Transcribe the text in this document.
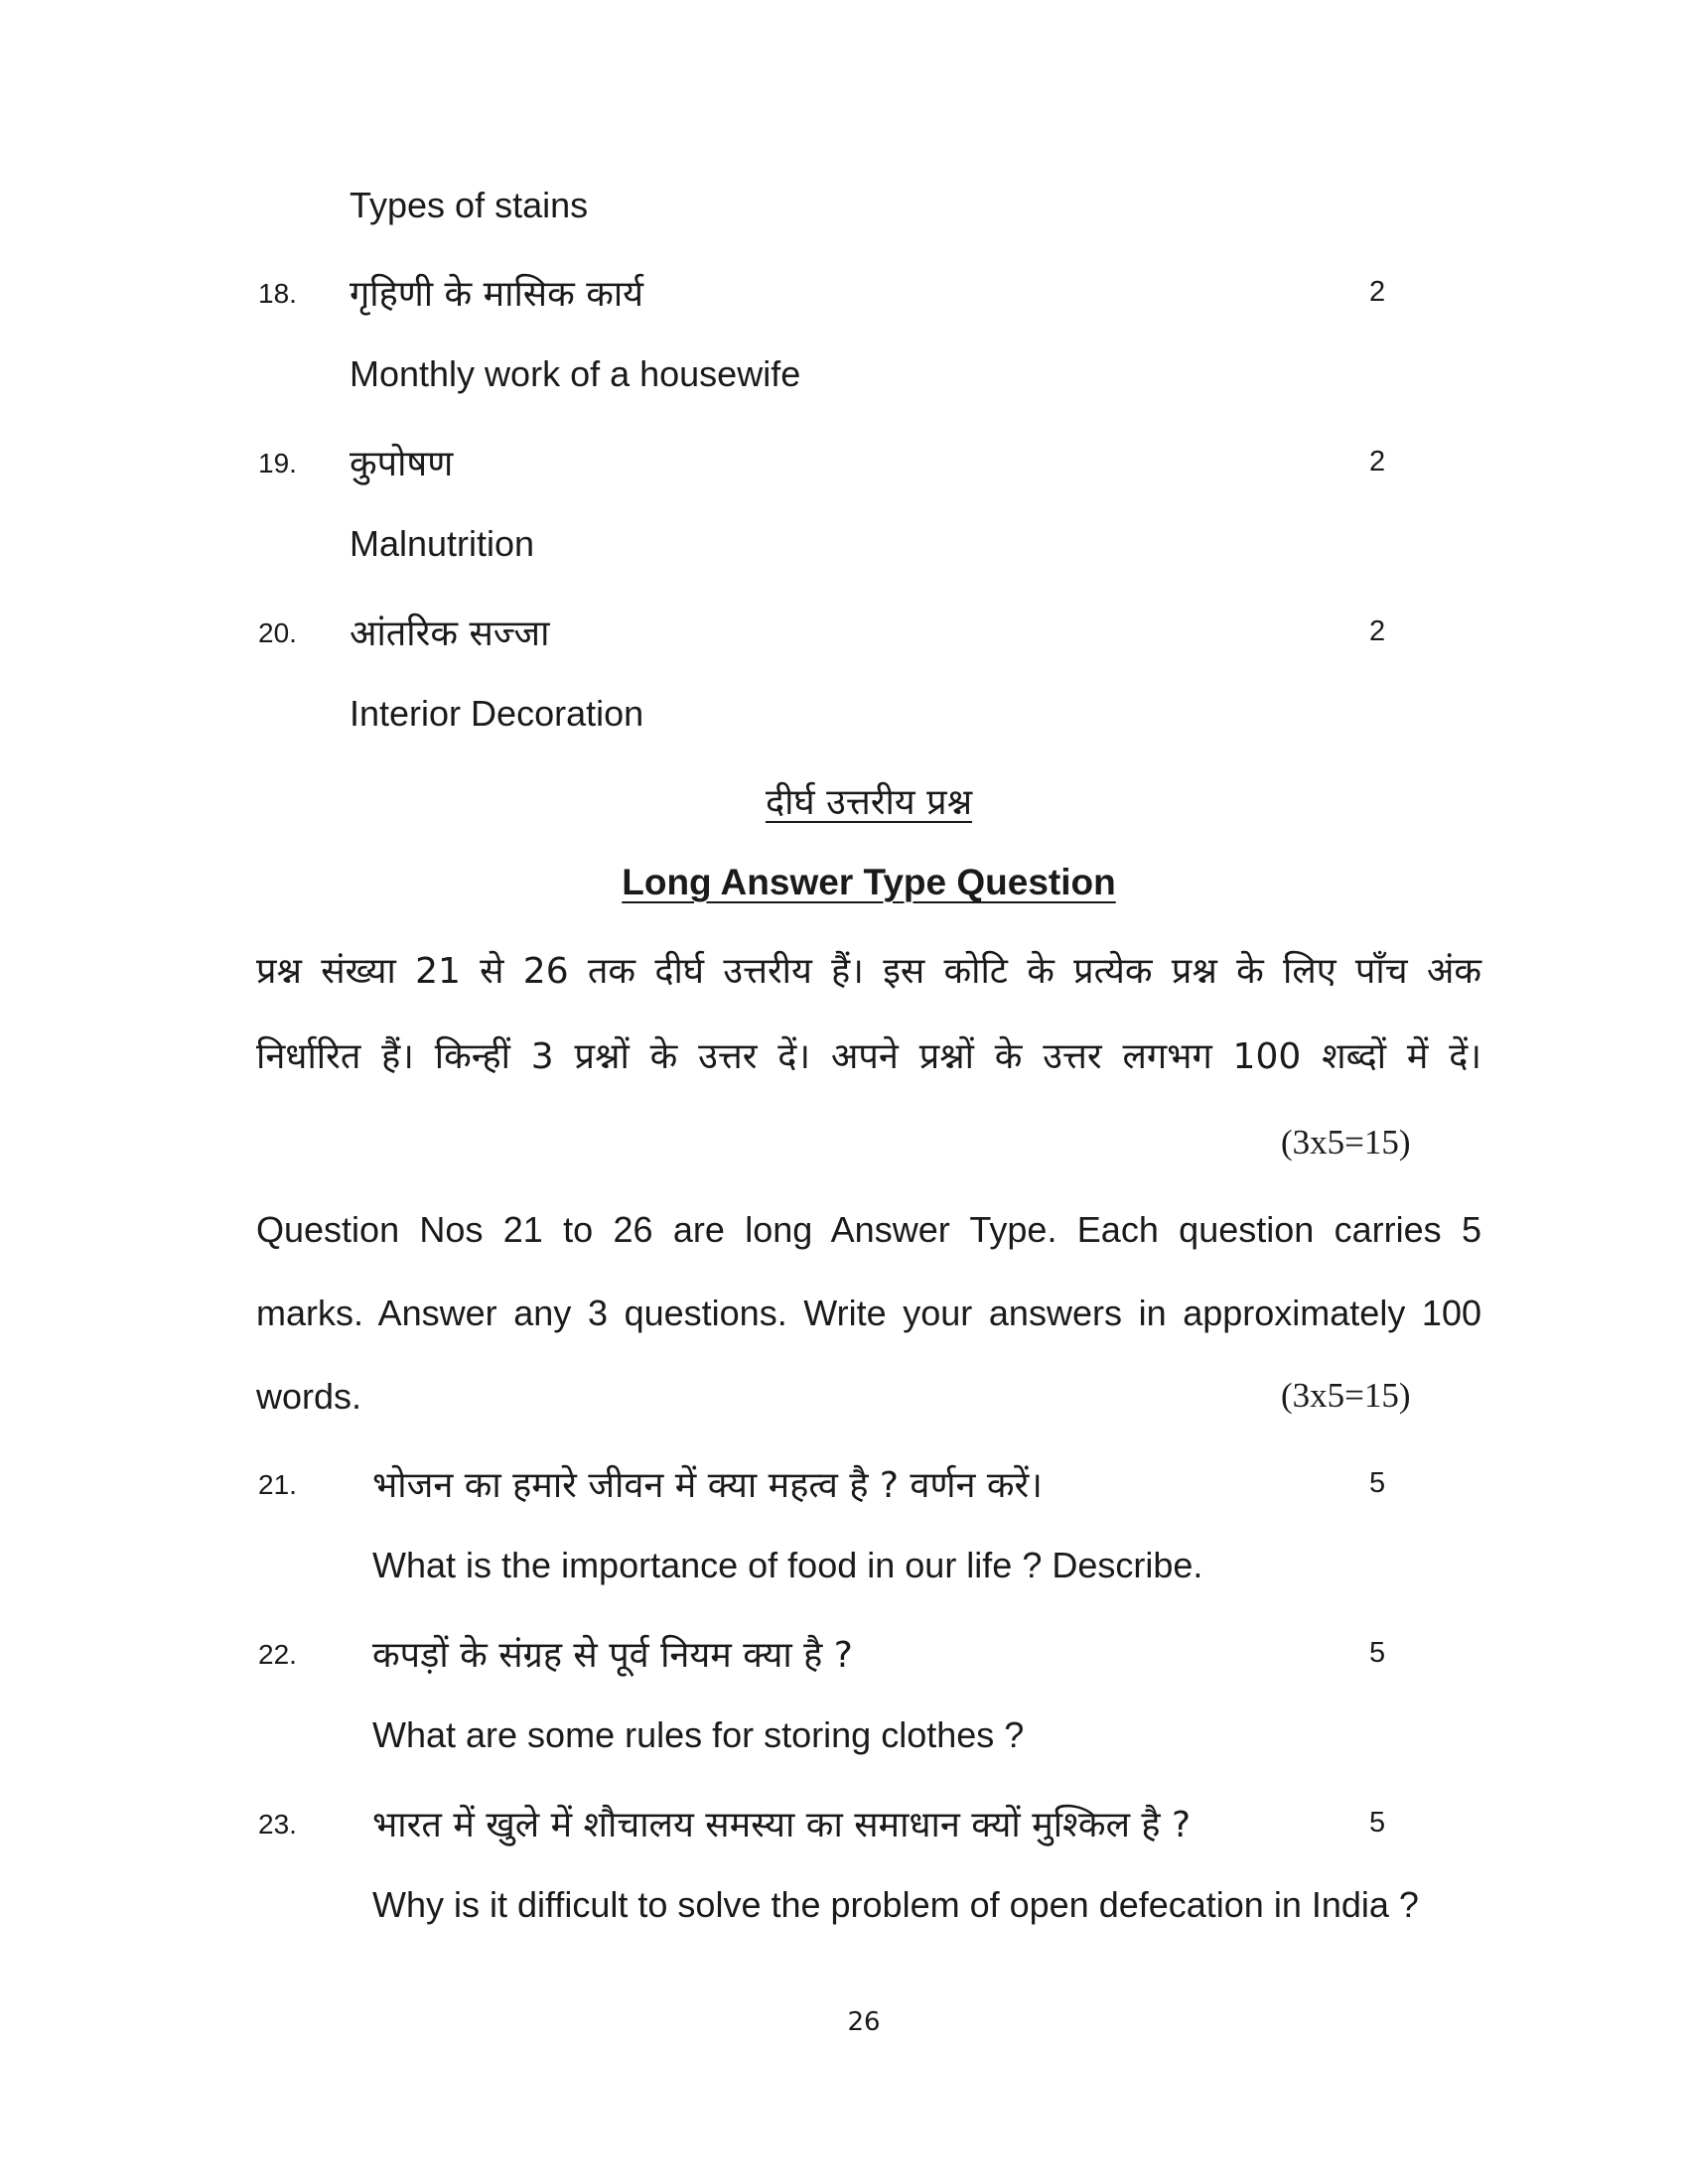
Types of stains
18. गृहिणी के मासिक कार्य	2
Monthly work of a housewife
19. कुपोषण	2
Malnutrition
20. आंतरिक सज्जा	2
Interior Decoration
दीर्घ उत्तरीय प्रश्न
Long Answer Type Question
प्रश्न संख्या 21 से 26 तक दीर्घ उत्तरीय हैं। इस कोटि के प्रत्येक प्रश्न के लिए पाँच अंक
निर्धारित हैं। किन्हीं 3 प्रश्नों के उत्तर दें। अपने प्रश्नों के उत्तर लगभग 100 शब्दों में दें।
(3x5=15)
Question Nos 21 to 26 are long Answer Type. Each question carries 5
marks. Answer any 3 questions. Write your answers in approximately 100
words.	(3x5=15)
21. भोजन का हमारे जीवन में क्या महत्व है ? वर्णन करें।	5
What is the importance of food in our life ? Describe.
22. कपड़ों के संग्रह से पूर्व नियम क्या है ?	5
What are some rules for storing clothes ?
23. भारत में खुले में शौचालय समस्या का समाधान क्यों मुश्किल है ?	5
Why is it difficult to solve the problem of open defecation in India ?
26
